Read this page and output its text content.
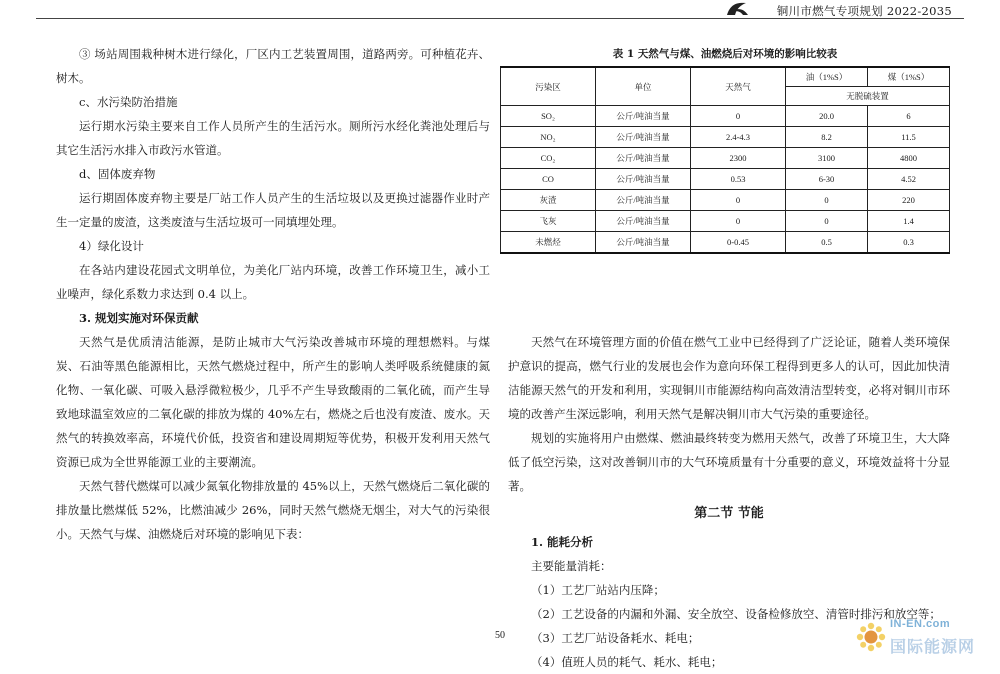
铜川市燃气专项规划 2022-2035

③ 场站周围栽种树木进行绿化，厂区内工艺装置周围，道路两旁。可种植花卉、树木。

c、水污染防治措施

运行期水污染主要来自工作人员所产生的生活污水。厕所污水经化粪池处理后与其它生活污水排入市政污水管道。

d、固体废弃物

运行期固体废弃物主要是厂站工作人员产生的生活垃圾以及更换过滤器作业时产生一定量的废渣，这类废渣与生活垃圾可一同填埋处理。

4）绿化设计

在各站内建设花园式文明单位，为美化厂站内环境，改善工作环境卫生，减小工业噪声，绿化系数力求达到 0.4 以上。

3. 规划实施对环保贡献

天然气是优质清洁能源，是防止城市大气污染改善城市环境的理想燃料。与煤炭、石油等黑色能源相比，天然气燃烧过程中，所产生的影响人类呼吸系统健康的氮化物、一氧化碳、可吸入悬浮微粒极少，几乎不产生导致酸雨的二氧化硫，而产生导致地球温室效应的二氧化碳的排放为煤的 40%左右，燃烧之后也没有废渣、废水。天然气的转换效率高，环境代价低，投资省和建设周期短等优势，积极开发利用天然气资源已成为全世界能源工业的主要潮流。

天然气替代燃煤可以减少氮氧化物排放量的 45%以上，天然气燃烧后二氧化碳的排放量比燃煤低 52%，比燃油减少 26%，同时天然气燃烧无烟尘，对大气的污染很小。天然气与煤、油燃烧后对环境的影响见下表：

表 1 天然气与煤、油燃烧后对环境的影响比较表
污染区	单位	天然气	油（1%S）	煤（1%S）
			无脱硫装置	
SO₂	公斤/吨油当量	0	20.0	6
NO₂	公斤/吨油当量	2.4-4.3	8.2	11.5
CO₂	公斤/吨油当量	2300	3100	4800
CO	公斤/吨油当量	0.53	6-30	4.52
灰渣	公斤/吨油当量	0	0	220
飞灰	公斤/吨油当量	0	0	1.4
未燃烃	公斤/吨油当量	0-0.45	0.5	0.3

天然气在环境管理方面的价值在燃气工业中已经得到了广泛论证，随着人类环境保护意识的提高，燃气行业的发展也会作为意向环保工程得到更多人的认可，因此加快清洁能源天然气的开发和利用，实现铜川市能源结构向高效清洁型转变，必将对铜川市环境的改善产生深远影响，利用天然气是解决铜川市大气污染的重要途径。

规划的实施将用户由燃煤、燃油最终转变为燃用天然气，改善了环境卫生，大大降低了低空污染，这对改善铜川市的大气环境质量有十分重要的意义，环境效益将十分显著。

第二节 节能

1. 能耗分析

主要能量消耗：

（1）工艺厂站站内压降；

（2）工艺设备的内漏和外漏、安全放空、设备检修放空、清管时排污和放空等；

（3）工艺厂站设备耗水、耗电；

（4）值班人员的耗气、耗水、耗电；

50
IN-EN.com
国际能源网
